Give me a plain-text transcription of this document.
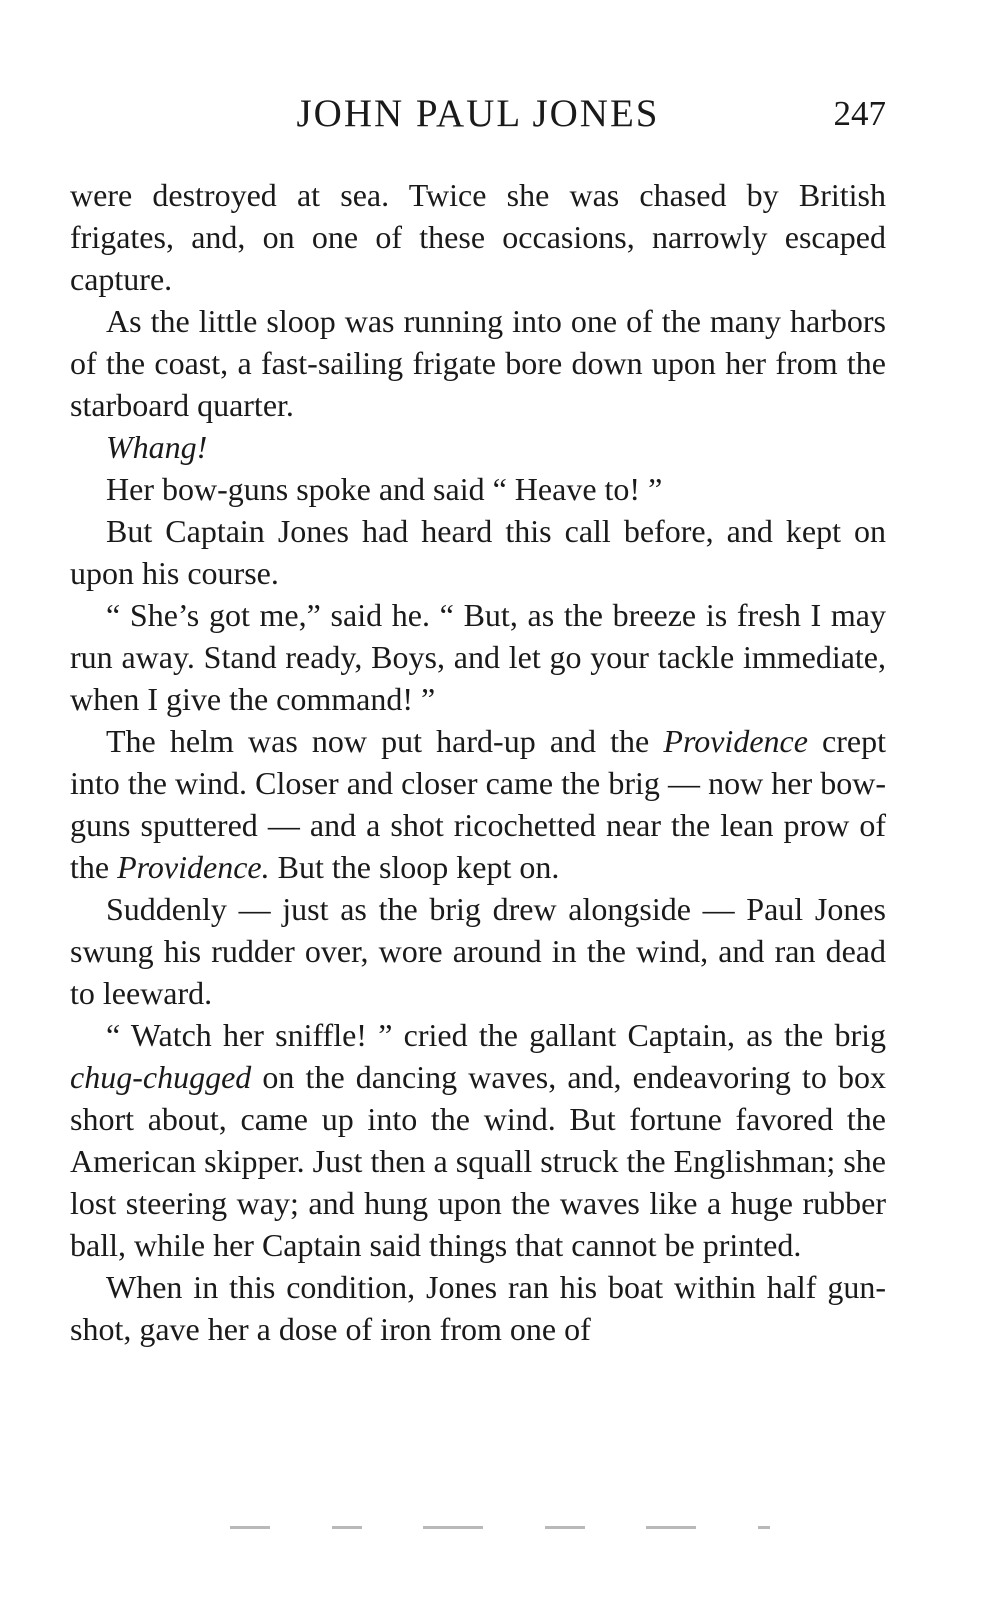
JOHN PAUL JONES	247

were destroyed at sea. Twice she was chased by British frigates, and, on one of these occasions, narrowly escaped capture.

As the little sloop was running into one of the many harbors of the coast, a fast-sailing frigate bore down upon her from the starboard quarter.

Whang!

Her bow-guns spoke and said “ Heave to! ”

But Captain Jones had heard this call before, and kept on upon his course.

“ She’s got me,” said he. “ But, as the breeze is fresh I may run away. Stand ready, Boys, and let go your tackle immediate, when I give the command! ”

The helm was now put hard-up and the Providence crept into the wind. Closer and closer came the brig — now her bow-guns sputtered — and a shot ricochetted near the lean prow of the Providence. But the sloop kept on.

Suddenly — just as the brig drew alongside — Paul Jones swung his rudder over, wore around in the wind, and ran dead to leeward.

“ Watch her sniffle! ” cried the gallant Captain, as the brig chug-chugged on the dancing waves, and, endeavoring to box short about, came up into the wind. But fortune favored the American skipper. Just then a squall struck the Englishman; she lost steering way; and hung upon the waves like a huge rubber ball, while her Captain said things that cannot be printed.

When in this condition, Jones ran his boat within half gun-shot, gave her a dose of iron from one of
